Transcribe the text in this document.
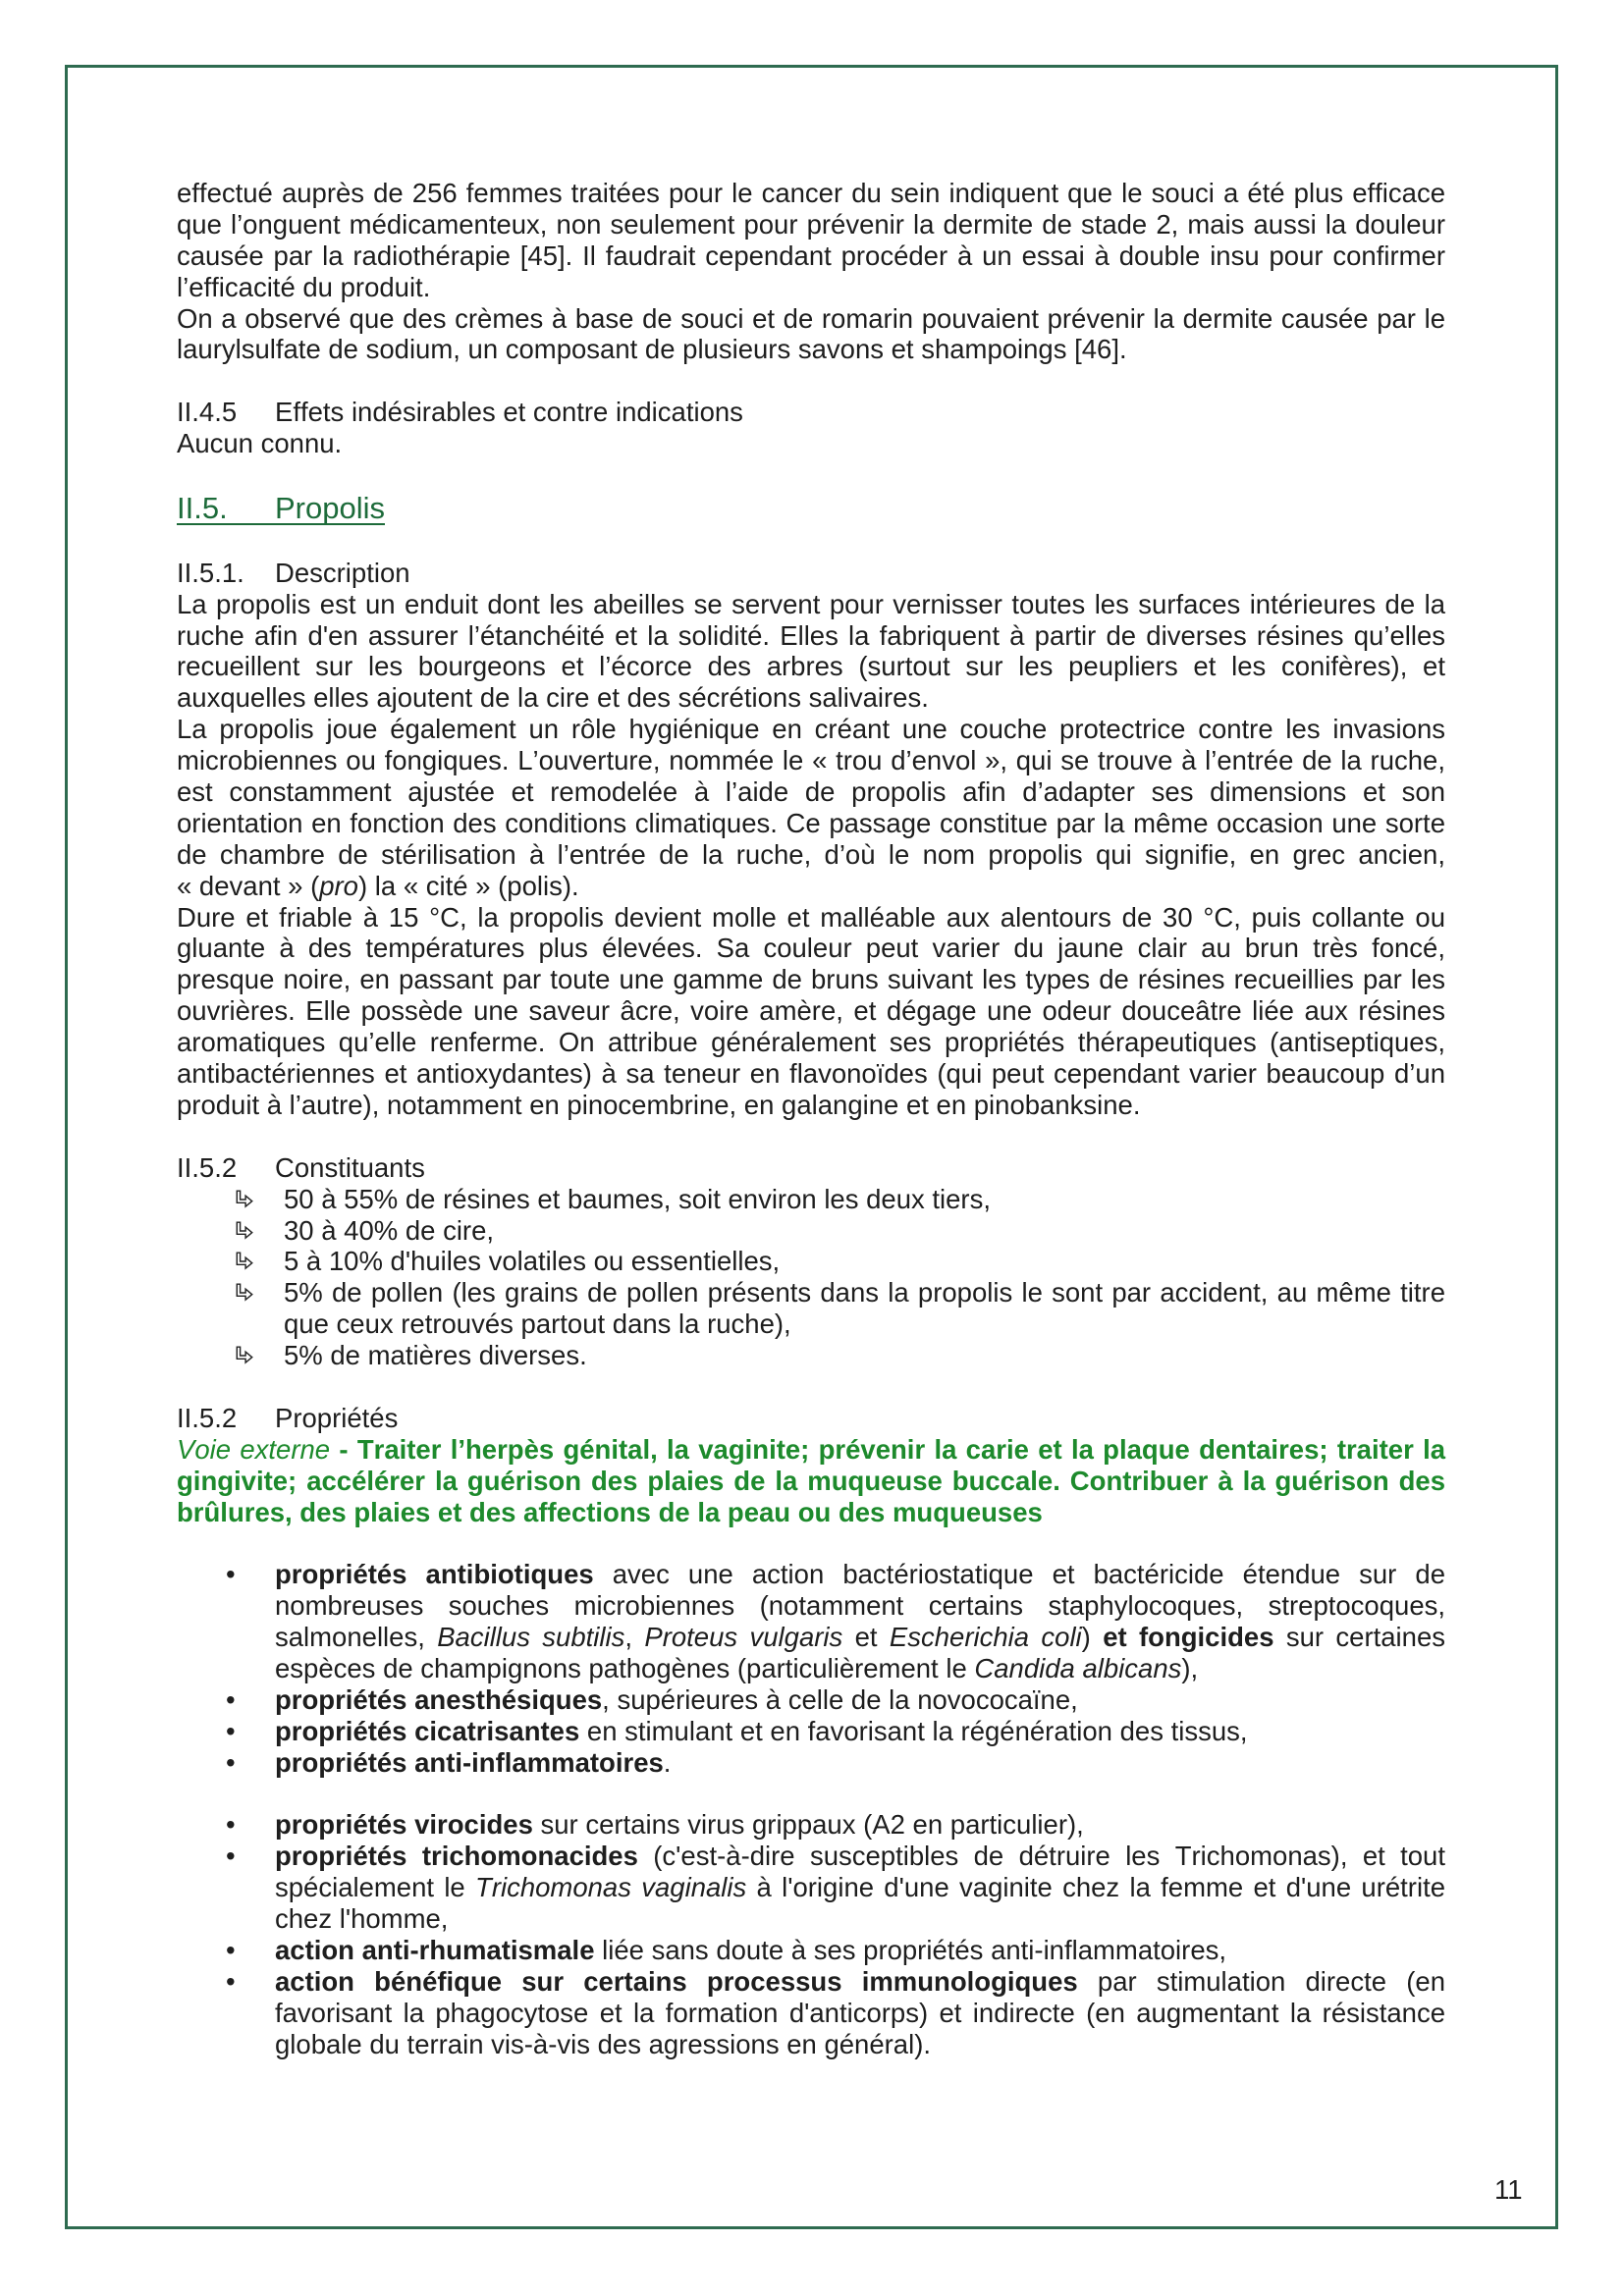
effectué auprès de 256 femmes traitées pour le cancer du sein indiquent que le souci a été plus efficace
que l’onguent médicamenteux, non seulement pour prévenir la dermite de stade 2, mais aussi la douleur
causée par la radiothérapie [45]. Il faudrait cependant procéder à un essai à double insu pour confirmer
l’efficacité du produit.
On a observé que des crèmes à base de souci et de romarin pouvaient prévenir la dermite causée par le
laurylsulfate de sodium, un composant de plusieurs savons et shampoings [46].
II.4.5 Effets indésirables et contre indications
Aucun connu.
II.5. Propolis
II.5.1. Description
La propolis est un enduit dont les abeilles se servent pour vernisser toutes les surfaces intérieures de la
ruche afin d'en assurer l’étanchéité et la solidité. Elles la fabriquent à partir de diverses résines qu’elles
recueillent sur les bourgeons et l’écorce des arbres (surtout sur les peupliers et les conifères), et
auxquelles elles ajoutent de la cire et des sécrétions salivaires.
La propolis joue également un rôle hygiénique en créant une couche protectrice contre les invasions
microbiennes ou fongiques. L’ouverture, nommée le « trou d’envol », qui se trouve à l’entrée de la ruche,
est constamment ajustée et remodelée à l’aide de propolis afin d’adapter ses dimensions et son
orientation en fonction des conditions climatiques. Ce passage constitue par la même occasion une sorte
de chambre de stérilisation à l’entrée de la ruche, d’où le nom propolis qui signifie, en grec ancien,
« devant » (pro) la « cité » (polis).
Dure et friable à 15 °C, la propolis devient molle et malléable aux alentours de 30 °C, puis collante ou
gluante à des températures plus élevées. Sa couleur peut varier du jaune clair au brun très foncé,
presque noire, en passant par toute une gamme de bruns suivant les types de résines recueillies par les
ouvrières. Elle possède une saveur âcre, voire amère, et dégage une odeur douceâtre liée aux résines
aromatiques qu’elle renferme. On attribue généralement ses propriétés thérapeutiques (antiseptiques,
antibactériennes et antioxydantes) à sa teneur en flavonoïdes (qui peut cependant varier beaucoup d’un
produit à l’autre), notamment en pinocembrine, en galangine et en pinobanksine.
II.5.2 Constituants
50 à 55% de résines et baumes, soit environ les deux tiers,
30 à 40% de cire,
5 à 10% d'huiles volatiles ou essentielles,
5% de pollen (les grains de pollen présents dans la propolis le sont par accident, au même titre
que ceux retrouvés partout dans la ruche),
5% de matières diverses.
II.5.2 Propriétés
Voie externe - Traiter l’herpès génital, la vaginite; prévenir la carie et la plaque dentaires; traiter la
gingivite; accélérer la guérison des plaies de la muqueuse buccale. Contribuer à la guérison des
brûlures, des plaies et des affections de la peau ou des muqueuses
• propriétés antibiotiques avec une action bactériostatique et bactéricide étendue sur de
nombreuses souches microbiennes (notamment certains staphylocoques, streptocoques,
salmonelles, Bacillus subtilis, Proteus vulgaris et Escherichia coli) et fongicides sur certaines
espèces de champignons pathogènes (particulièrement le Candida albicans),
• propriétés anesthésiques, supérieures à celle de la novococaïne,
• propriétés cicatrisantes en stimulant et en favorisant la régénération des tissus,
• propriétés anti-inflammatoires.
• propriétés virocides sur certains virus grippaux (A2 en particulier),
• propriétés trichomonacides (c'est-à-dire susceptibles de détruire les Trichomonas), et tout
spécialement le Trichomonas vaginalis à l'origine d'une vaginite chez la femme et d'une urétrite
chez l'homme,
• action anti-rhumatismale liée sans doute à ses propriétés anti-inflammatoires,
• action bénéfique sur certains processus immunologiques par stimulation directe (en
favorisant la phagocytose et la formation d'anticorps) et indirecte (en augmentant la résistance
globale du terrain vis-à-vis des agressions en général).
11
